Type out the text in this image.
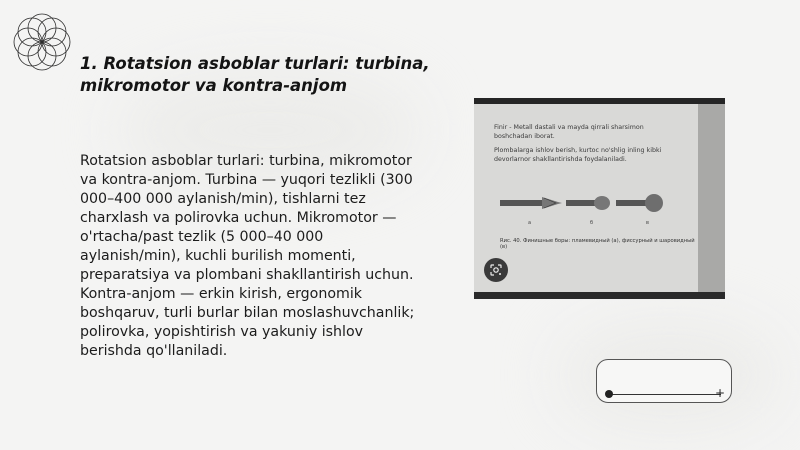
1. Rotatsion asboblar turlari: turbina, mikromotor va kontra-anjom

Rotatsion asboblar turlari: turbina, mikromotor va kontra-anjom. Turbina — yuqori tezlikli (300 000–400 000 aylanish/min), tishlarni tez charxlash va polirovka uchun. Mikromotor — o'rtacha/past tezlik (5 000–40 000 aylanish/min), kuchli burilish momenti, preparatsiya va plombani shakllantirish uchun. Kontra-anjom — erkin kirish, ergonomik boshqaruv, turli burlar bilan moslashuvchanlik; polirovka, yopishtirish va yakuniy ishlov berishda qo'llaniladi.

Finir - Metall dastali va mayda qirrali sharsimon
boshchadan iborat.
Plombalarga ishlov berish, kurtoc no'shlig inling kibki
devorlarnor shakllantirishda foydalaniladi.
a	б	в
Rис. 40. Финишные боры: пламевидный (а), фиссурный и шаровидный (в)
+
